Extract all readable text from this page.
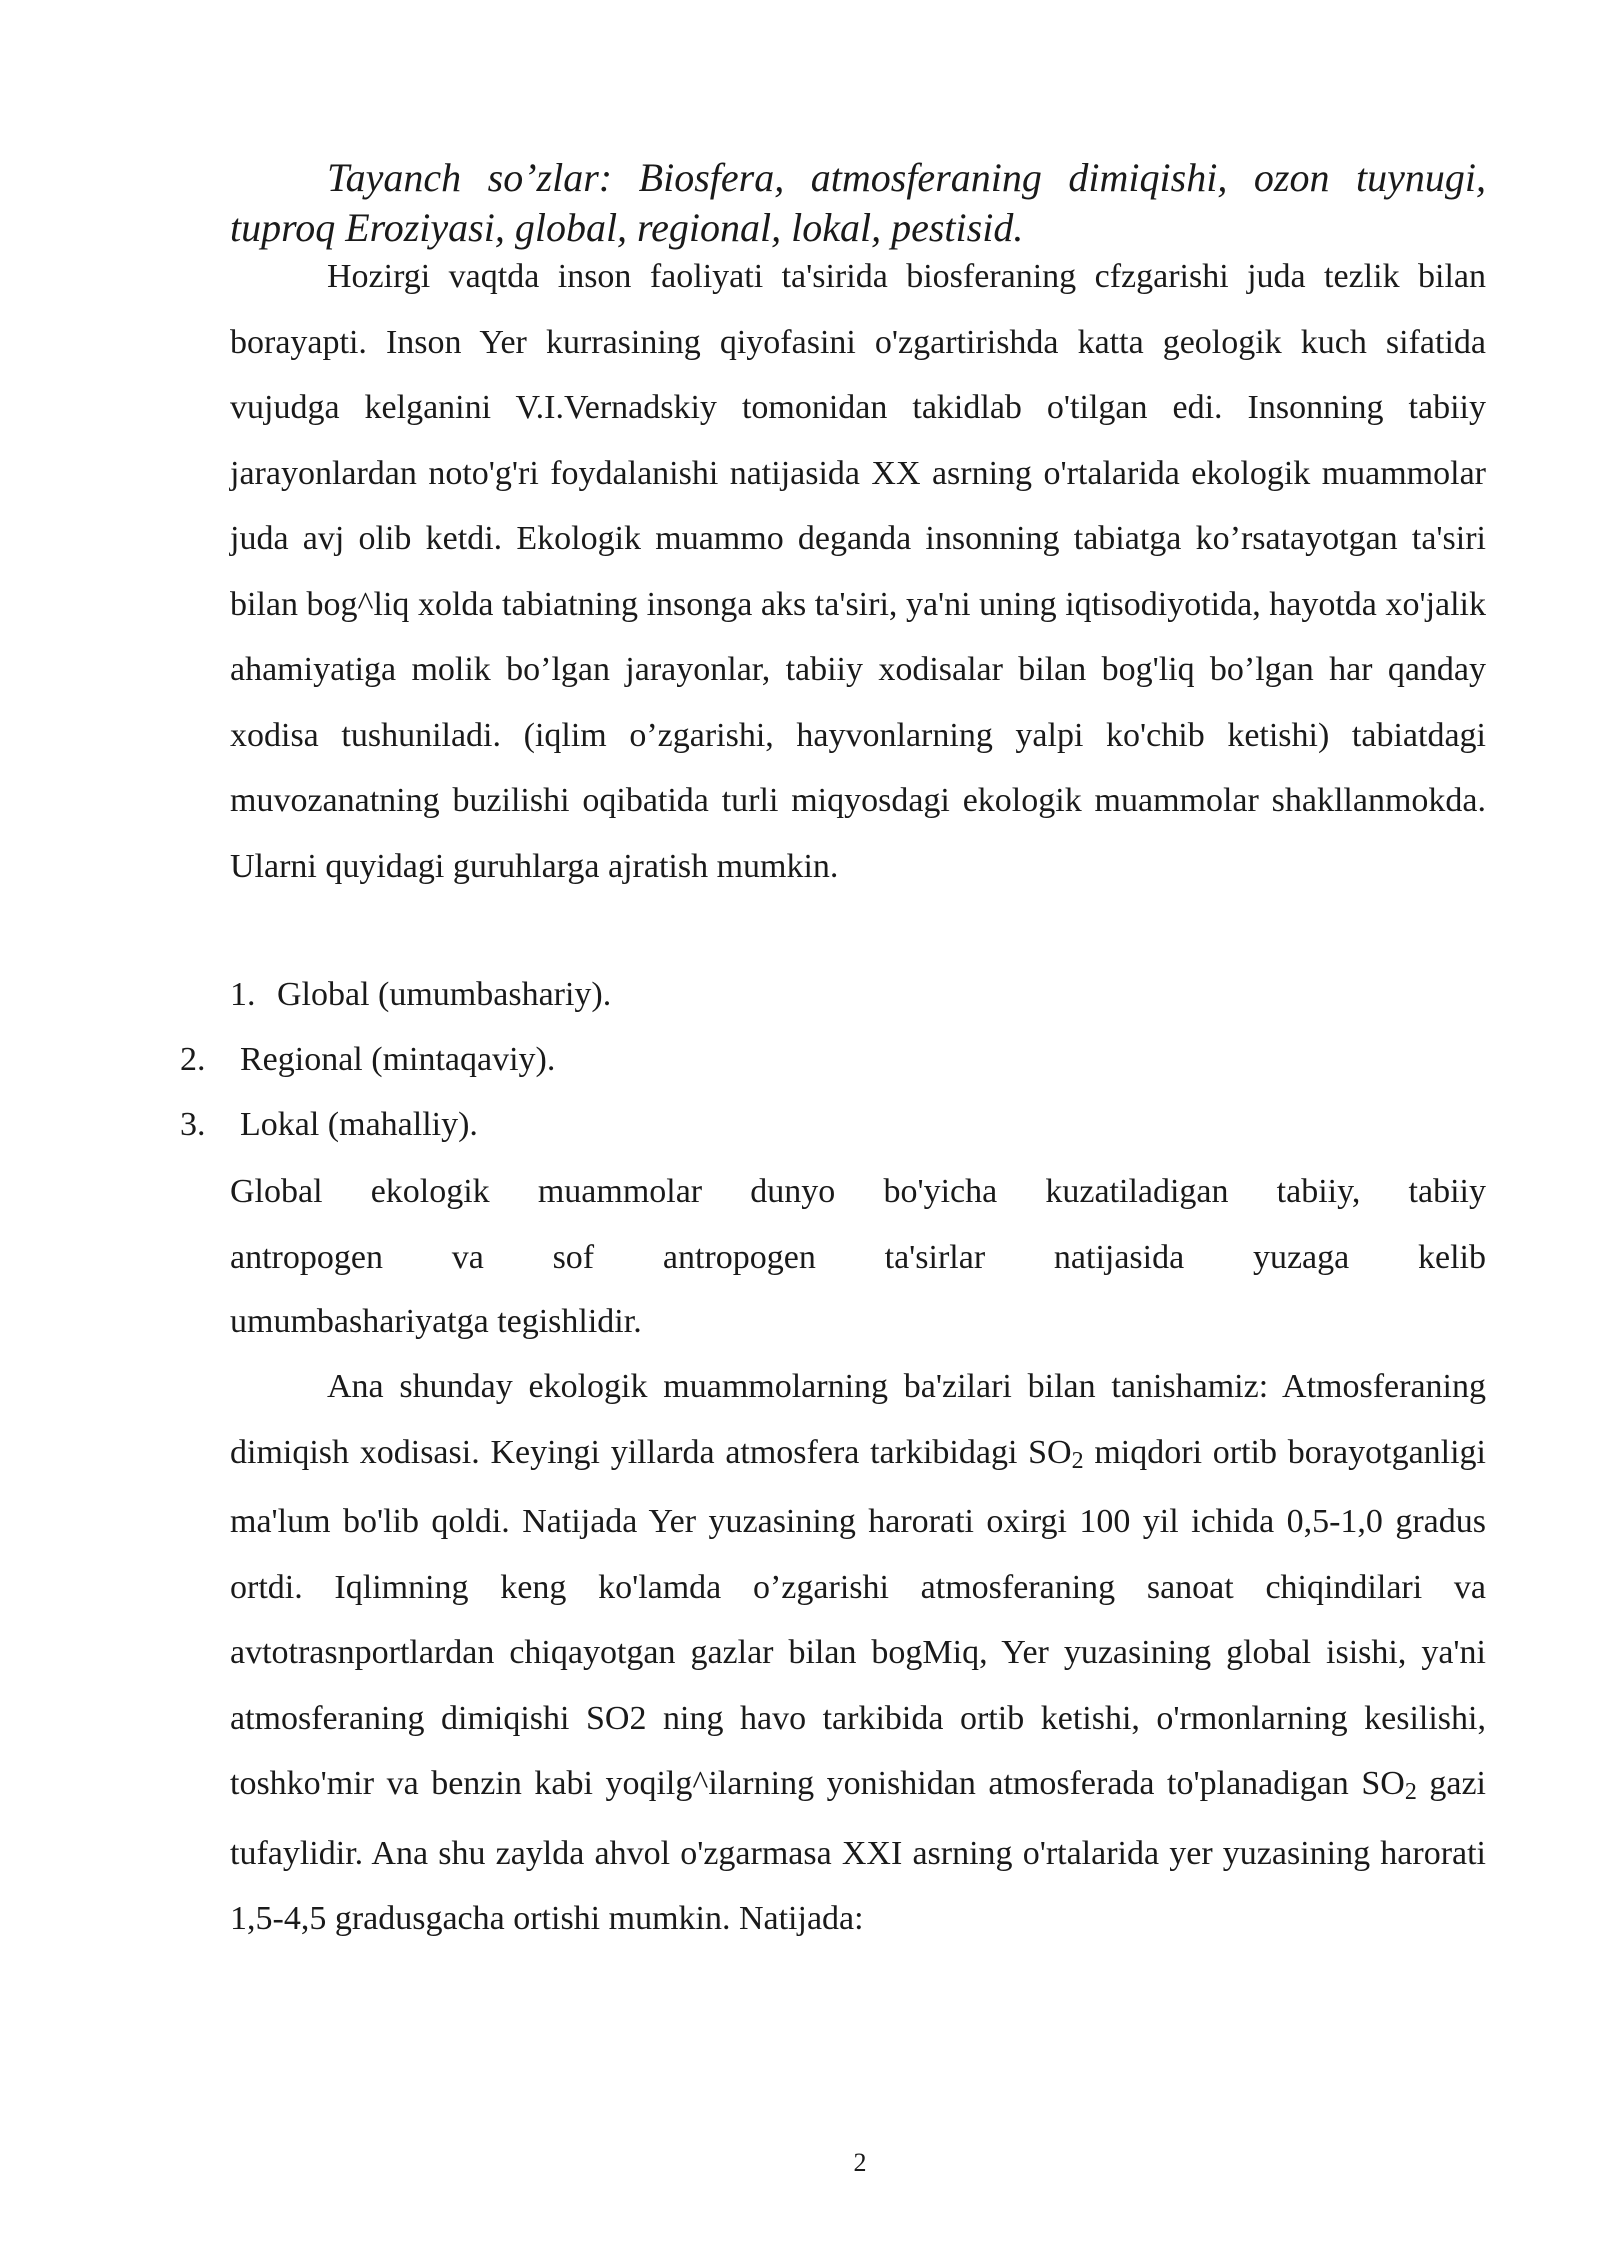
Tayanch so’zlar: Biosfera, atmosferaning dimiqishi, ozon tuynugi, tuproq Eroziyasi, global, regional, lokal, pestisid.
Hozirgi vaqtda inson faoliyati ta'sirida biosferaning cfzgarishi juda tezlik bilan borayapti. Inson Yer kurrasining qiyofasini o'zgartirishda katta geologik kuch sifatida vujudga kelganini V.I.Vernadskiy tomonidan takidlab o'tilgan edi. Insonning tabiiy jarayonlardan noto'g'ri foydalanishi natijasida XX asrning o'rtalarida ekologik muammolar juda avj olib ketdi. Ekologik muammo deganda insonning tabiatga ko’rsatayotgan ta'siri bilan bog^liq xolda tabiatning insonga aks ta'siri, ya'ni uning iqtisodiyotida, hayotda xo'jalik ahamiyatiga molik bo’lgan jarayonlar, tabiiy xodisalar bilan bog'liq bo’lgan har qanday xodisa tushuniladi. (iqlim o’zgarishi, hayvonlarning yalpi ko'chib ketishi) tabiatdagi muvozanatning buzilishi oqibatida turli miqyosdagi ekologik muammolar shakllanmokda. Ularni quyidagi guruhlarga ajratish mumkin.
1. Global (umumbashariy).
2. Regional (mintaqaviy).
3. Lokal (mahalliy).
Global ekologik muammolar dunyo bo'yicha kuzatiladigan tabiiy, tabiiy
antropogen va sof antropogen ta'sirlar natijasida yuzaga kelib
umumbashariyatga tegishlidir.
Ana shunday ekologik muammolarning ba'zilari bilan tanishamiz: Atmosferaning dimiqish xodisasi. Keyingi yillarda atmosfera tarkibidagi $SO_2$ miqdori ortib borayotganligi ma'lum bo'lib qoldi. Natijada Yer yuzasining harorati oxirgi 100 yil ichida 0,5-1,0 gradus ortdi. Iqlimning keng ko'lamda o’zgarishi atmosferaning sanoat chiqindilari va avtotrasnportlardan chiqayotgan gazlar bilan bogMiq, Yer yuzasining global isishi, ya'ni atmosferaning dimiqishi SO2 ning havo tarkibida ortib ketishi, o'rmonlarning kesilishi, toshko'mir va benzin kabi yoqilg^ilarning yonishidan atmosferada to'planadigan $SO_2$ gazi tufaylidir. Ana shu zaylda ahvol o'zgarmasa XXI asrning o'rtalarida yer yuzasining harorati 1,5-4,5 gradusgacha ortishi mumkin. Natijada:
2
